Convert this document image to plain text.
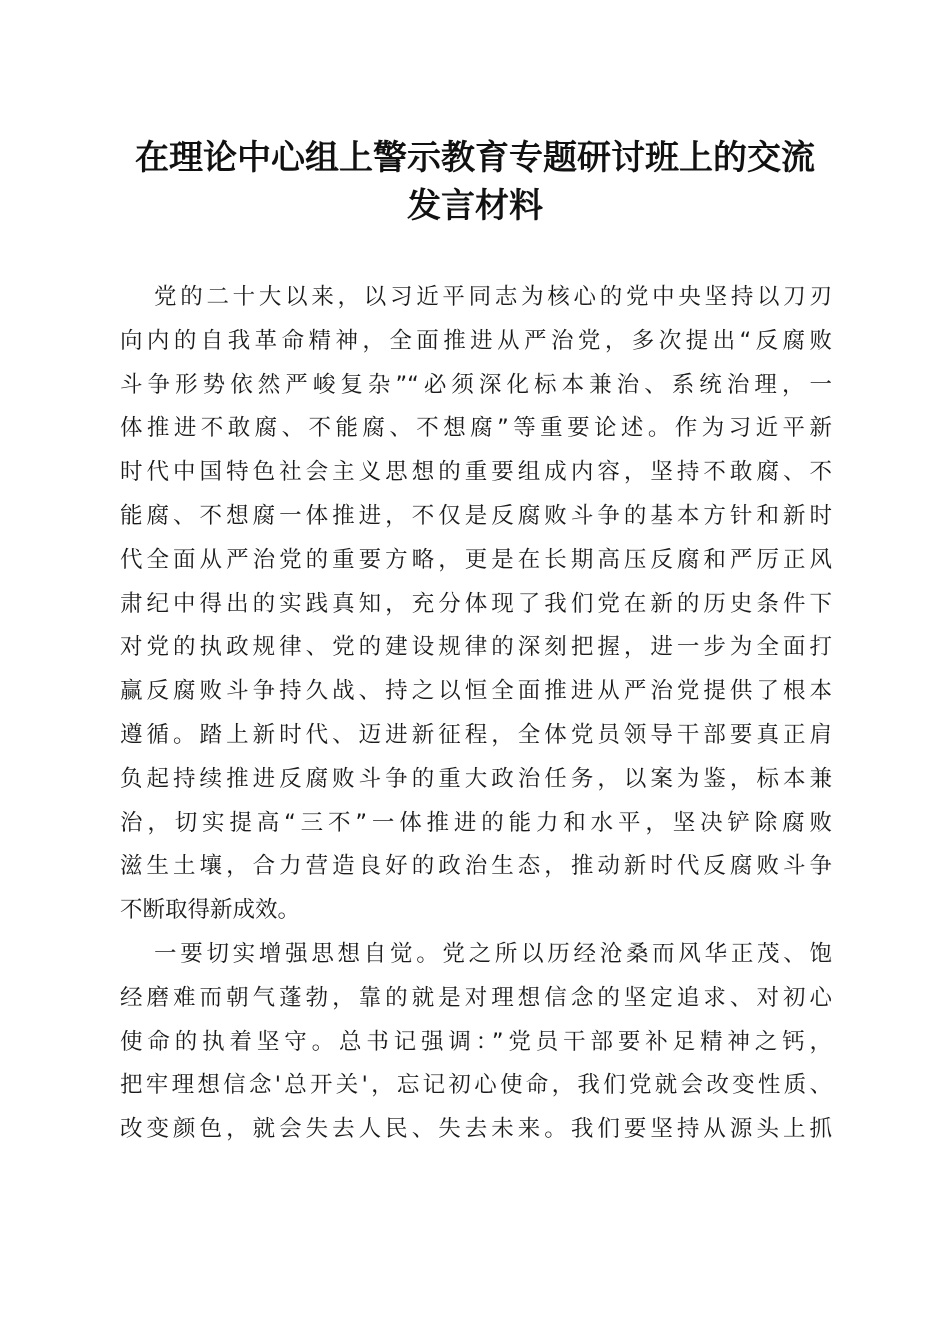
在理论中心组上警示教育专题研讨班上的交流
发言材料
党的二十大以来，以习近平同志为核心的党中央坚持以刀刃
向内的自我革命精神，全面推进从严治党，多次提出“反腐败
斗争形势依然严峻复杂”“必须深化标本兼治、系统治理，一
体推进不敢腐、不能腐、不想腐”等重要论述。作为习近平新
时代中国特色社会主义思想的重要组成内容，坚持不敢腐、不
能腐、不想腐一体推进，不仅是反腐败斗争的基本方针和新时
代全面从严治党的重要方略，更是在长期高压反腐和严厉正风
肃纪中得出的实践真知，充分体现了我们党在新的历史条件下
对党的执政规律、党的建设规律的深刻把握，进一步为全面打
赢反腐败斗争持久战、持之以恒全面推进从严治党提供了根本
遵循。踏上新时代、迈进新征程，全体党员领导干部要真正肩
负起持续推进反腐败斗争的重大政治任务，以案为鉴，标本兼
治，切实提高“三不”一体推进的能力和水平，坚决铲除腐败
滋生土壤，合力营造良好的政治生态，推动新时代反腐败斗争
不断取得新成效。
一要切实增强思想自觉。党之所以历经沧桑而风华正茂、饱
经磨难而朝气蓬勃，靠的就是对理想信念的坚定追求、对初心
使命的执着坚守。总书记强调：”党员干部要补足精神之钙，
把牢理想信念'总开关'，忘记初心使命，我们党就会改变性质、
改变颜色，就会失去人民、失去未来。我们要坚持从源头上抓
